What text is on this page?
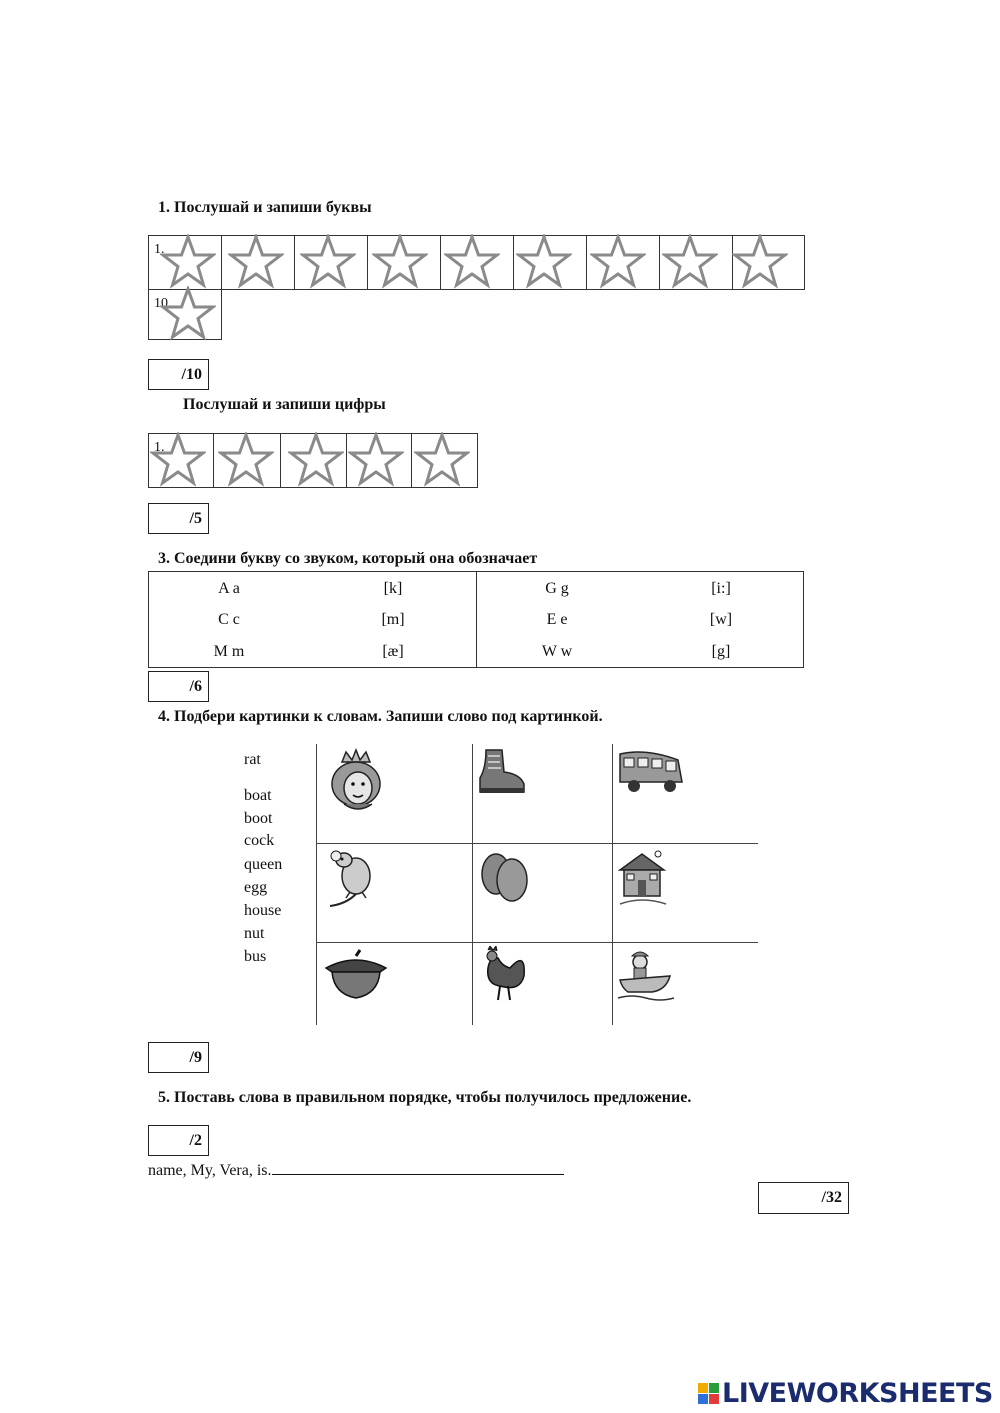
1. Послушай и запиши буквы
1.
10.
/10
Послушай и запиши цифры
1.
/5
3. Соедини букву со звуком, который она обозначает
A a
C c
M m
[k]
[m]
[æ]
G g
E e
W w
[i:]
[w]
[g]
/6
4. Подбери картинки к словам. Запиши слово под картинкой.
rat
boat
boot
cock
queen
egg
house
nut
bus
/9
5. Поставь слова в правильном порядке, чтобы получилось предложение.
/2
name, My, Vera, is.
/32
LIVEWORKSHEETS
